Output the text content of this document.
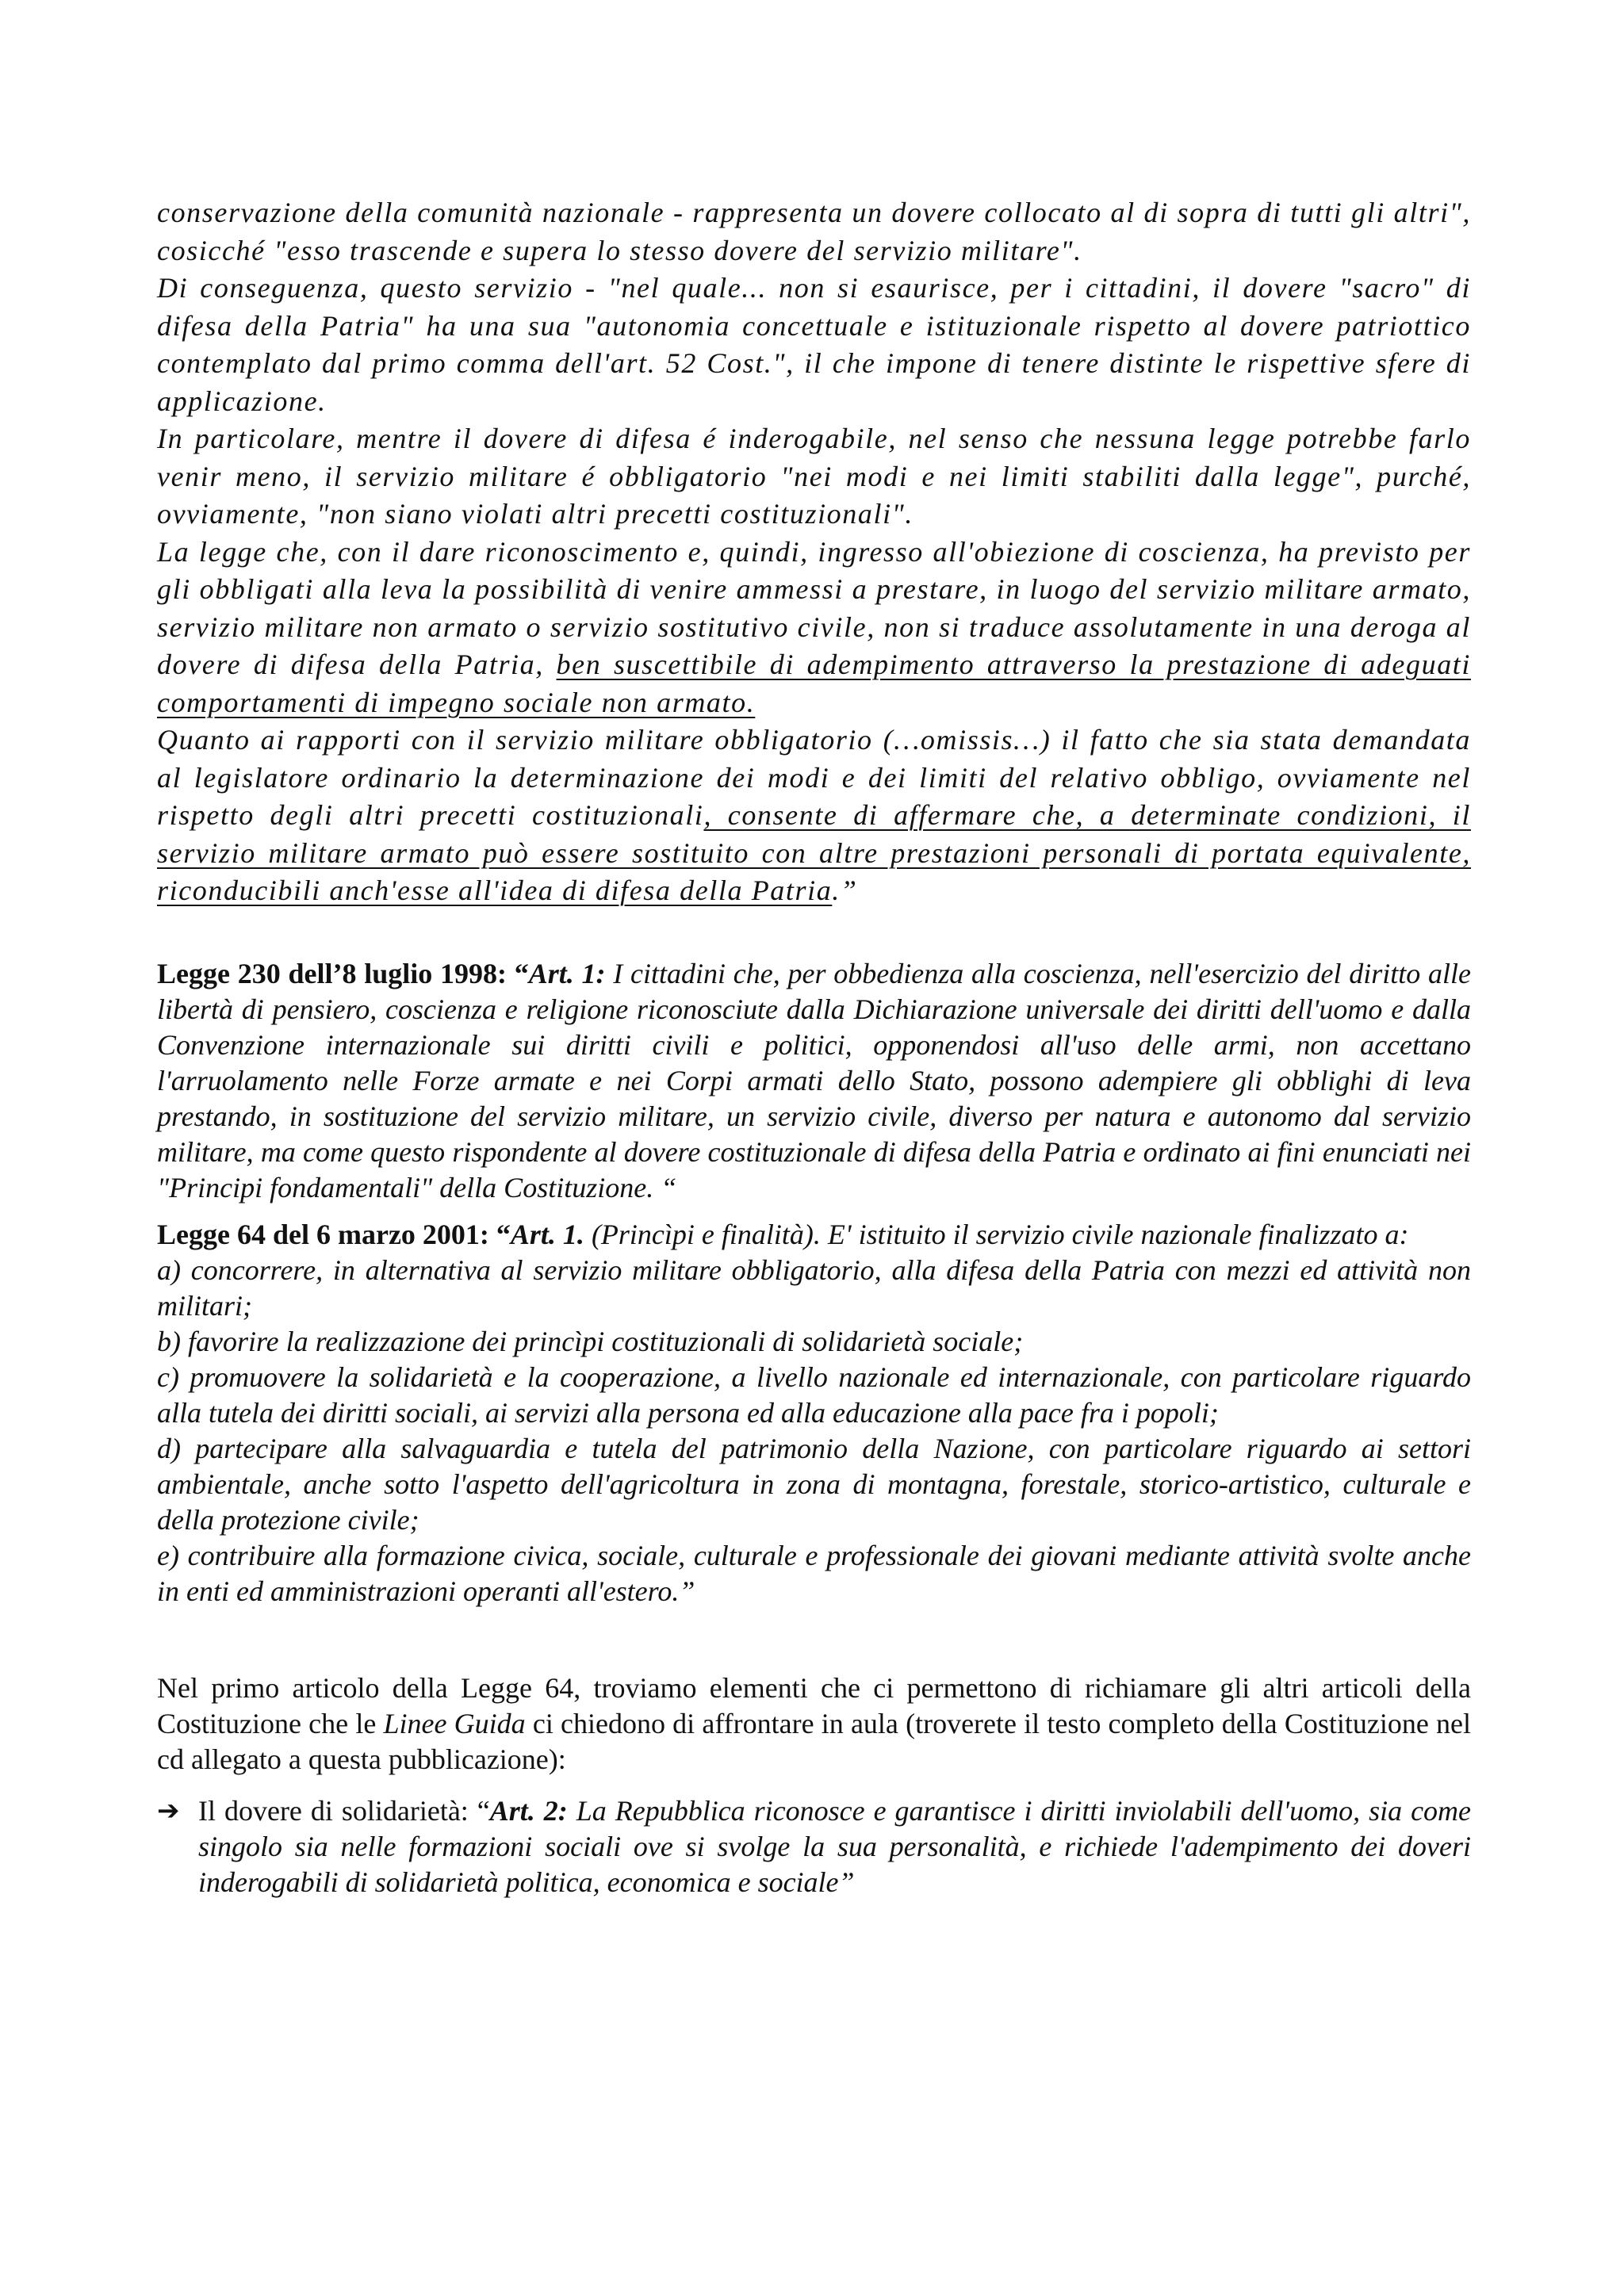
conservazione della comunità nazionale - rappresenta un dovere collocato al di sopra di tutti gli altri", cosicché "esso trascende e supera lo stesso dovere del servizio militare".

Di conseguenza, questo servizio - "nel quale... non si esaurisce, per i cittadini, il dovere "sacro" di difesa della Patria" ha una sua "autonomia concettuale e istituzionale rispetto al dovere patriottico contemplato dal primo comma dell'art. 52 Cost.", il che impone di tenere distinte le rispettive sfere di applicazione.

In particolare, mentre il dovere di difesa é inderogabile, nel senso che nessuna legge potrebbe farlo venir meno, il servizio militare é obbligatorio "nei modi e nei limiti stabiliti dalla legge", purché, ovviamente, "non siano violati altri precetti costituzionali".

La legge che, con il dare riconoscimento e, quindi, ingresso all'obiezione di coscienza, ha previsto per gli obbligati alla leva la possibilità di venire ammessi a prestare, in luogo del servizio militare armato, servizio militare non armato o servizio sostitutivo civile, non si traduce assolutamente in una deroga al dovere di difesa della Patria, ben suscettibile di adempimento attraverso la prestazione di adeguati comportamenti di impegno sociale non armato.

Quanto ai rapporti con il servizio militare obbligatorio (…omissis…) il fatto che sia stata demandata al legislatore ordinario la determinazione dei modi e dei limiti del relativo obbligo, ovviamente nel rispetto degli altri precetti costituzionali, consente di affermare che, a determinate condizioni, il servizio militare armato può essere sostituito con altre prestazioni personali di portata equivalente, riconducibili anch'esse all'idea di difesa della Patria.”

Legge 230 dell’8 luglio 1998: “Art. 1: I cittadini che, per obbedienza alla coscienza, nell'esercizio del diritto alle libertà di pensiero, coscienza e religione riconosciute dalla Dichiarazione universale dei diritti dell'uomo e dalla Convenzione internazionale sui diritti civili e politici, opponendosi all'uso delle armi, non accettano l'arruolamento nelle Forze armate e nei Corpi armati dello Stato, possono adempiere gli obblighi di leva prestando, in sostituzione del servizio militare, un servizio civile, diverso per natura e autonomo dal servizio militare, ma come questo rispondente al dovere costituzionale di difesa della Patria e ordinato ai fini enunciati nei "Principi fondamentali" della Costituzione. “

Legge 64 del 6 marzo 2001: “Art. 1. (Princìpi e finalità). E' istituito il servizio civile nazionale finalizzato a:

a) concorrere, in alternativa al servizio militare obbligatorio, alla difesa della Patria con mezzi ed attività non militari;

b) favorire la realizzazione dei princìpi costituzionali di solidarietà sociale;

c) promuovere la solidarietà e la cooperazione, a livello nazionale ed internazionale, con particolare riguardo alla tutela dei diritti sociali, ai servizi alla persona ed alla educazione alla pace fra i popoli;

d) partecipare alla salvaguardia e tutela del patrimonio della Nazione, con particolare riguardo ai settori ambientale, anche sotto l'aspetto dell'agricoltura in zona di montagna, forestale, storico-artistico, culturale e della protezione civile;

e) contribuire alla formazione civica, sociale, culturale e professionale dei giovani mediante attività svolte anche in enti ed amministrazioni operanti all'estero.”

Nel primo articolo della Legge 64, troviamo elementi che ci permettono di richiamare gli altri articoli della Costituzione che le Linee Guida ci chiedono di affrontare in aula (troverete il testo completo della Costituzione nel cd allegato a questa pubblicazione):

➔ Il dovere di solidarietà: “Art. 2: La Repubblica riconosce e garantisce i diritti inviolabili dell'uomo, sia come singolo sia nelle formazioni sociali ove si svolge la sua personalità, e richiede l'adempimento dei doveri inderogabili di solidarietà politica, economica e sociale”
